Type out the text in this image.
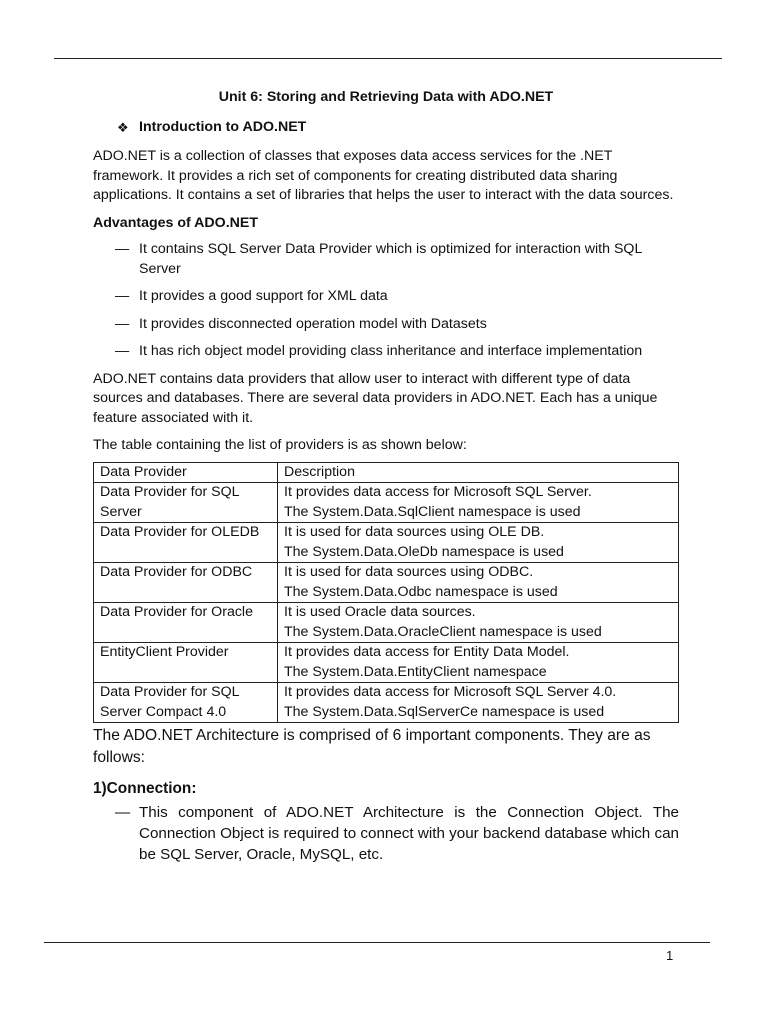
Unit 6: Storing and Retrieving Data with ADO.NET
❖ Introduction to ADO.NET

ADO.NET is a collection of classes that exposes data access services for the .NET framework. It provides a rich set of components for creating distributed data sharing applications. It contains a set of libraries that helps the user to interact with the data sources.

Advantages of ADO.NET
— It contains SQL Server Data Provider which is optimized for interaction with SQL Server
— It provides a good support for XML data
— It provides disconnected operation model with Datasets
— It has rich object model providing class inheritance and interface implementation

ADO.NET contains data providers that allow user to interact with different type of data sources and databases. There are several data providers in ADO.NET. Each has a unique feature associated with it.

The table containing the list of providers is as shown below:

Data Provider	Description
Data Provider for SQL Server	It provides data access for Microsoft SQL Server.
The System.Data.SqlClient namespace is used

Data Provider for OLEDB	It is used for data sources using OLE DB.
The System.Data.OleDb namespace is used

Data Provider for ODBC	It is used for data sources using ODBC.
The System.Data.Odbc namespace is used

Data Provider for Oracle	It is used Oracle data sources.
The System.Data.OracleClient namespace is used

EntityClient Provider	It provides data access for Entity Data Model.
The System.Data.EntityClient namespace

Data Provider for SQL Server Compact 4.0	It provides data access for Microsoft SQL Server 4.0.
The System.Data.SqlServerCe namespace is used
The ADO.NET Architecture is comprised of 6 important components. They are as follows:
1)Connection:
— This component of ADO.NET Architecture is the Connection Object. The Connection Object is required to connect with your backend database which can be SQL Server, Oracle, MySQL, etc.
1
